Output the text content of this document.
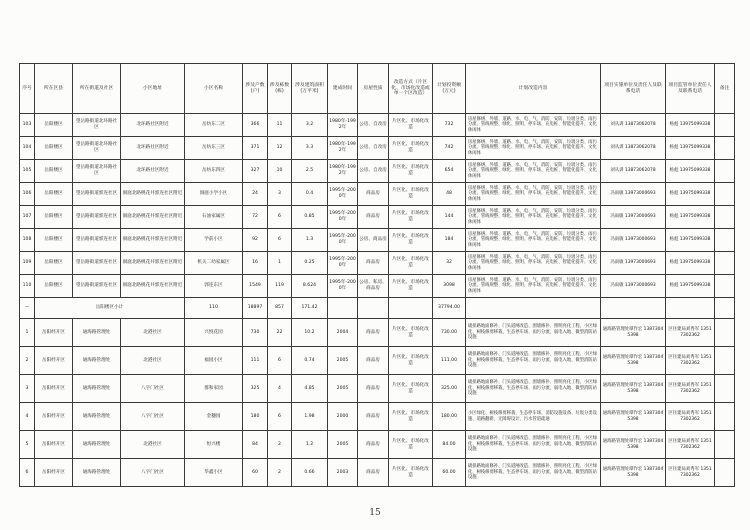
序号	所在区县	所在街道及社区	小区地址	小区名称	涉及户数(户)	涉及栋数(栋)	涉及建筑面积(万平米)	建成时间	房屋性质	改造方式（片区化、市场化改造或单一个区改造）	计划投资额(万元)	计划改造内容	项目实施单位及责任人及联系电话	项目监管单位责任人及联系电话	备注
103	岳阳楼区	望岳路街道北环路社区	北环路社区附近	岳纺东二区	366	11	3.2	1980年-1992年	公房、自改房	片区化、市场化改造	732	房屋修缮、外墙、道路、水、电、气、消防、安防、垃圾分类、雨污分流、管线规整、绿化、照明、停车场、充电桩、智能化提升、文化休闲体	刘从训 13873062078	杨彪 13975099338	
104	岳阳楼区	望岳路街道北环路社区	北环路社区附近	岳纺东三区	371	12	3.3	1980年-1992年	公房、自改房	片区化、市场化改造	742	房屋修缮、外墙、道路、水、电、气、消防、安防、垃圾分类、雨污分流、管线规整、绿化、照明、停车场、充电桩、智能化提升、文化休闲体	刘从训 13873062078	杨彪 13975099338	
105	岳阳楼区	望岳路街道北环路社区	北环路社区附近	岳纺东四区	327	10	2.5	1980年-1992年	公房、自改房	片区化、市场化改造	654	房屋修缮、外墙、道路、水、电、气、消防、安防、垃圾分类、雨污分流、管线规整、绿化、照明、停车场、充电桩、智能化提升、文化休闲体	刘从训 13873062078	杨彪 13975099338	
106	岳阳楼区	望岳路街道郭连社区	洞庭北路桃花井郭连社区附近	洞庭小学小区	24	3	0.4	1995年-2000年	商品房	片区化、市场化改造	48	房屋修缮、外墙、道路、水、电、气、消防、安防、垃圾分类、雨污分流、管线规整、绿化、照明、停车场、充电桩、智能化提升、文化休闲体	冯雨敏 13973000693	杨彪 13975099338	
107	岳阳楼区	望岳路街道郭连社区	洞庭北路桃花井郭连社区附近	石油家属区	72	6	0.85	1995年-2000年	商品房	片区化、市场化改造	144	房屋修缮、外墙、道路、水、电、气、消防、安防、垃圾分类、雨污分流、管线规整、绿化、照明、停车场、充电桩、智能化提升、文化休闲体	冯雨敏 13973000693	杨彪 13975099338	
108	岳阳楼区	望岳路街道郭连社区	洞庭北路桃花井郭连社区附近	学前小区	92	6	1.3	1995年-2000年	公房、商品房	片区化、市场化改造	184	房屋修缮、外墙、道路、水、电、气、消防、安防、垃圾分类、雨污分流、管线规整、绿化、照明、停车场、充电桩、智能化提升、文化休闲体	冯雨敏 13973000693	杨彪 13975099338	
109	岳阳楼区	望岳路街道郭连社区	洞庭北路桃花井郭连社区附近	机关二幼家属区	16	1	0.25	1995年-2000年	商品房	片区化、市场化改造	32	房屋修缮、外墙、道路、水、电、气、消防、安防、垃圾分类、雨污分流、管线规整、绿化、照明、停车场、充电桩、智能化提升、文化休闲体	冯雨敏 13973000693	杨彪 13975099338	
110	岳阳楼区	望岳路街道郭连社区	洞庭北路桃花井郭连社区附近	郭连东区	1549	119	8.624	1995年-2000年	公房、私房、商品房	片区化、市场化改造	3098	房屋修缮、外墙、道路、水、电、气、消防、安防、垃圾分类、雨污分流、管线规整、绿化、照明、停车场、充电桩、智能化提升、文化休闲体	冯雨敏 13973000693	杨彪 13975099338	
—	岳阳楼区小计			110	18897	857	171.42				37794.00				
1	岳阳经开区	通海路管理处	北港社区	兴悦花园	730	22	10.2	2004	商品房	片区化、市场化改造	730.00	破损路地面修补、门头道闸改造、围墙修补、照明亮化工程、小区绿化、树枝修剪移栽、生态停车场、雨污分流、弱电入地、微型消防站设施	通海路管理处谭作宏 13873045398	区住建局刘秀军 13517302362	
2	岳阳经开区	通海路管理处	北港社区	福园小区	111	6	0.74	2005	商品房	片区化、市场化改造	111.00	破损路地面修补、门头道闸改造、围墙修补、照明亮化工程、小区绿化、树枝修剪移栽、生态停车场、雨污分流、弱电入地、微型消防站设施	通海路管理处谭作宏 13873045398	区住建局刘秀军 13517302362	
3	岳阳经开区	通海路管理处	八字门社区	群和家园	325	4	4.85	2005	商品房	片区化、市场化改造	325.00	破损路地面修补、门头道闸改造、围墙修补、照明亮化工程、小区绿化、树枝修剪移栽、生态停车场、雨污分流、弱电入地、微型消防站设施	通海路管理处谭作宏 13873045398	区住建局刘秀军 13517302362	
4	岳阳经开区	通海路管理处	八字门社区	金穗园	180	6	1.98	2000	商品房	片区化、市场化改造	180.00	小区绿化、树枝修剪移栽、生态停车场、消防设施设备、垃圾分类设施、道路翻新、无障碍设计、污水管道疏通	通海路管理处谭作宏 13873045398	区住建局刘秀军 13517302362	
5	岳阳经开区	通海路管理处	北港社区	恒兴楼	84	2	1.2	2005	商品房	片区化、市场化改造	84.00	破损路地面修补、门头道闸改造、围墙修补、照明亮化工程、小区绿化、树枝修剪移栽、生态停车场、雨污分流、弱电入地、微型消防站设施	通海路管理处谭作宏 13873045398	区住建局刘秀军 13517302362	
6	岳阳经开区	通海路管理处	八字门社区	华鑫小区	60	2	0.66	2003	商品房	片区化、市场化改造	60.00	破损路地面修补、门头道闸改造、围墙修补、照明亮化工程、小区绿化、树枝修剪移栽、生态停车场、雨污分流、弱电入地、微型消防站设施	通海路管理处谭作宏 13873045398	区住建局刘秀军 13517302362	
15
